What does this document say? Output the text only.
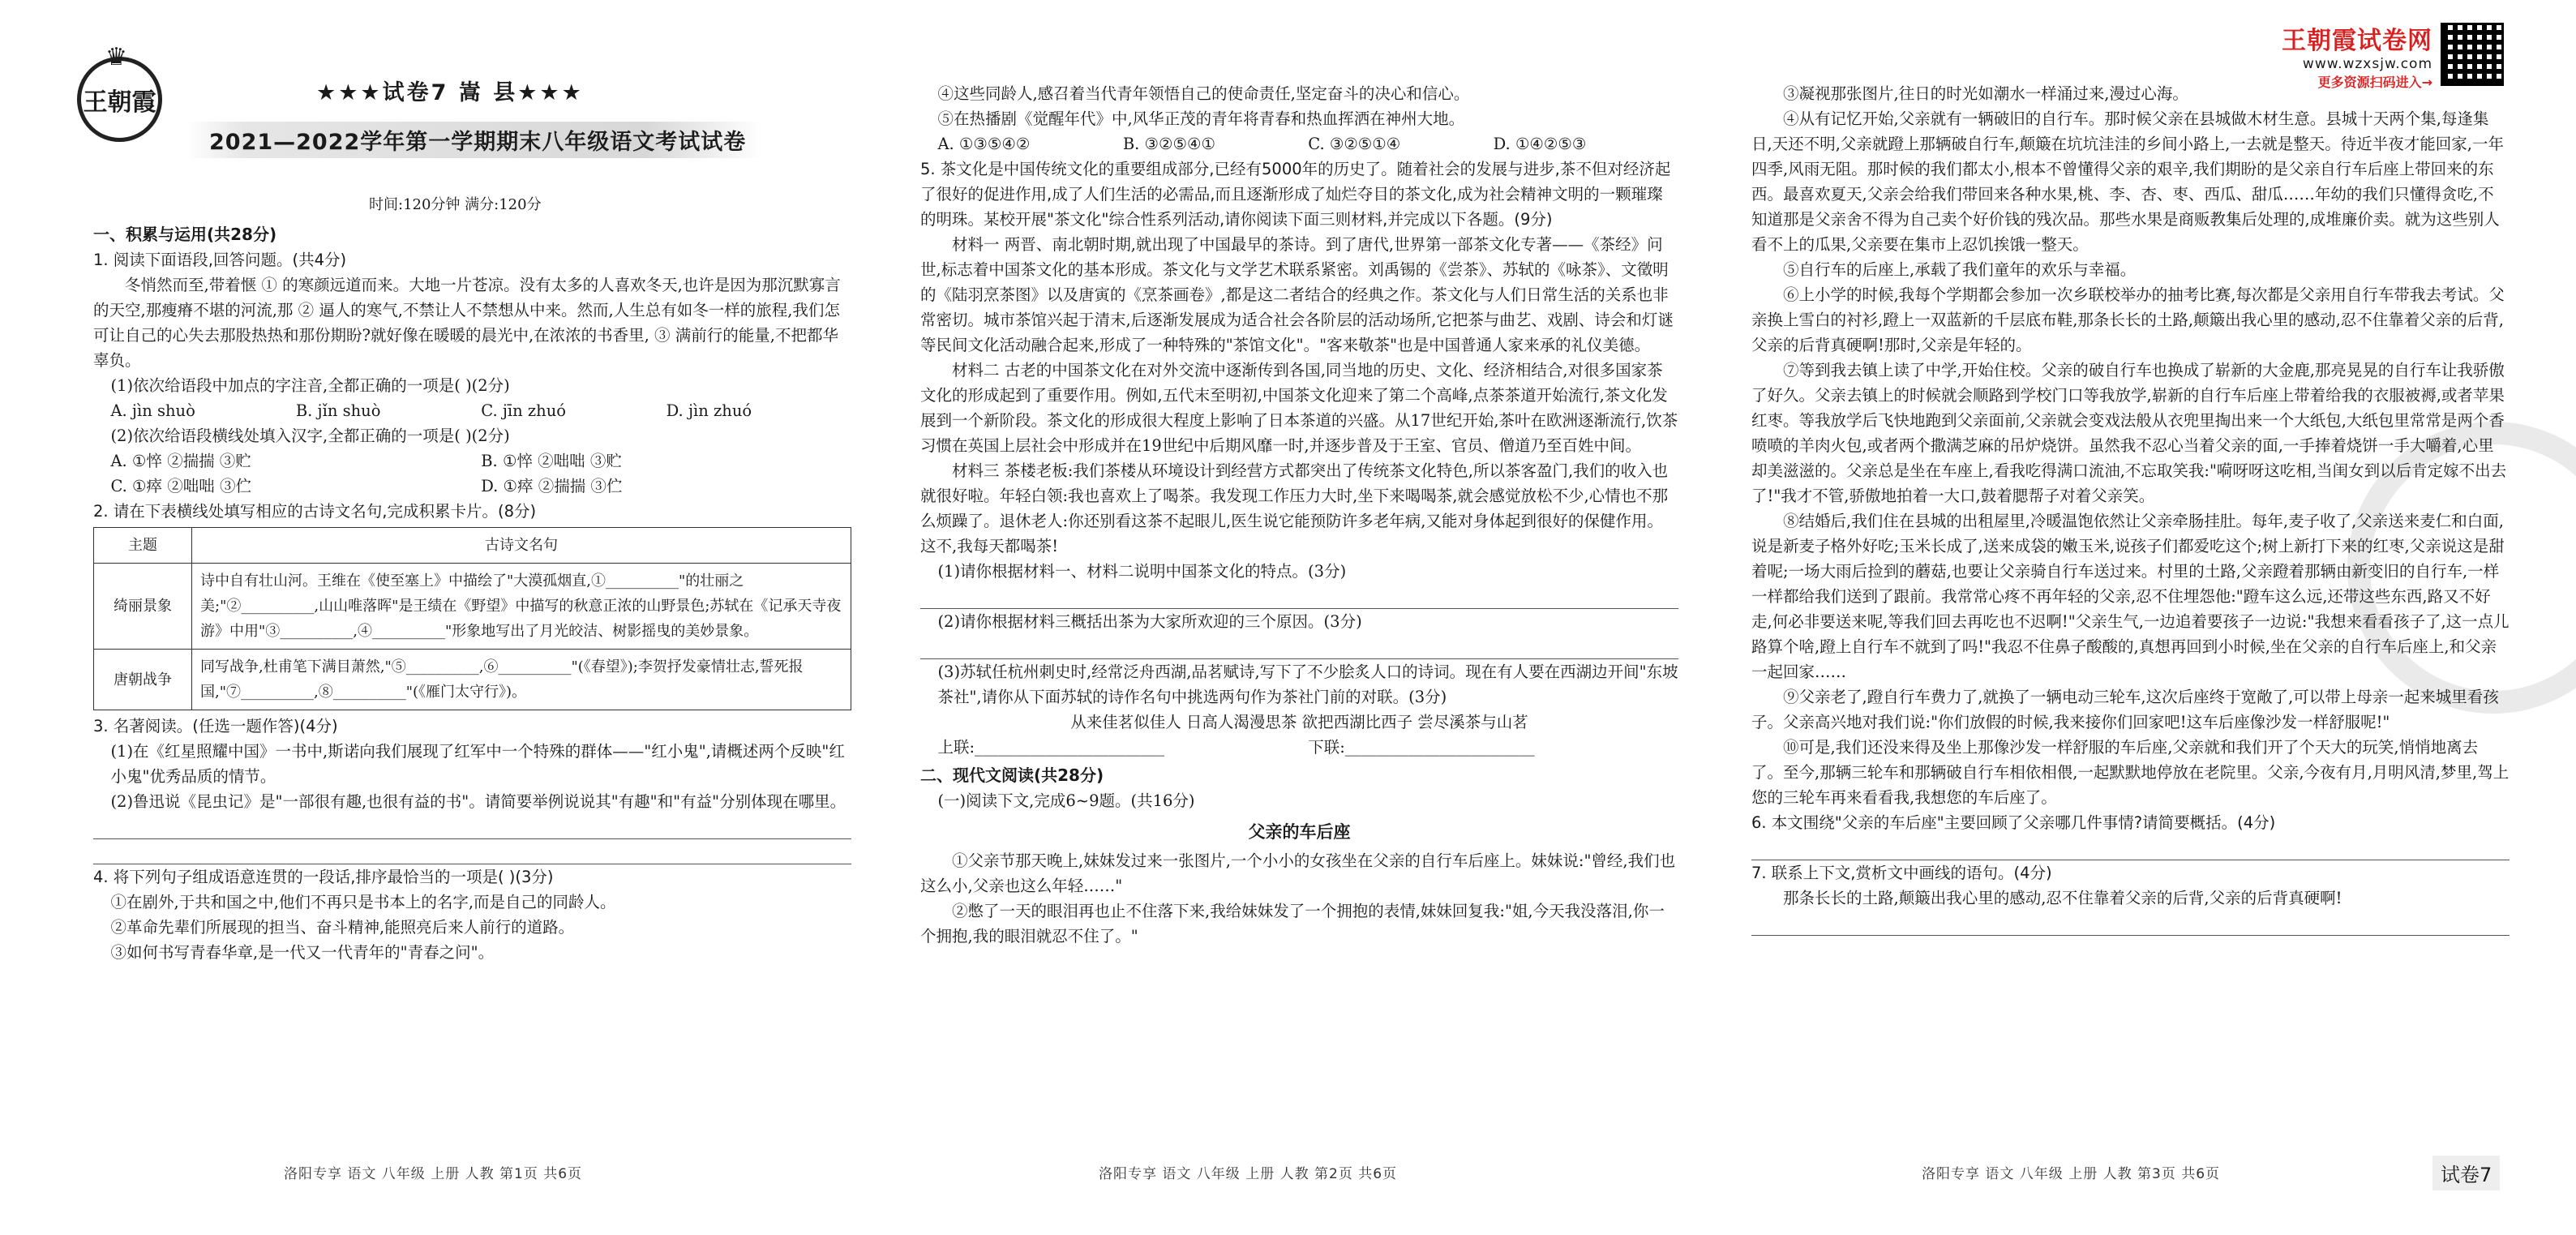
♛
王朝霞	★★★试卷7 嵩 县★★★
2021—2022学年第一学期期末八年级语文考试试卷
时间:120分钟 满分:120分
王朝霞试卷网
www.wzxsjw.com
更多资源扫码进入→

一、积累与运用(共28分)

1. 阅读下面语段,回答问题。(共4分)

冬悄然而至,带着惬 ① 的寒颜远道而来。大地一片苍凉。没有太多的人喜欢冬天,也许是因为那沉默寡言的天空,那瘦瘠不堪的河流,那 ② 逼人的寒气,不禁让人不禁想从中来。然而,人生总有如冬一样的旅程,我们怎可让自己的心失去那股热热和那份期盼?就好像在暖暖的晨光中,在浓浓的书香里, ③ 满前行的能量,不把都华辜负。

(1)依次给语段中加点的字注音,全都正确的一项是( )(2分)

A. jìn shuò	B. jǐn shuò	C. jīn zhuó	D. jìn zhuó

(2)依次给语段横线处填入汉字,全都正确的一项是( )(2分)

A. ①悴 ②揣揣 ③贮	B. ①悴 ②咄咄 ③贮
C. ①瘁 ②咄咄 ③伫	D. ①瘁 ②揣揣 ③伫

2. 请在下表横线处填写相应的古诗文名句,完成积累卡片。(8分)

主题	古诗文名句
绮丽景象	诗中自有壮山河。王维在《使至塞上》中描绘了"大漠孤烟直,①__________"的壮丽之美;"②__________,山山唯落晖"是王绩在《野望》中描写的秋意正浓的山野景色;苏轼在《记承天寺夜游》中用"③__________,④__________"形象地写出了月光皎洁、树影摇曳的美妙景象。
唐朝战争	同写战争,杜甫笔下满目萧然,"⑤__________,⑥__________"(《春望》);李贺抒发豪情壮志,誓死报国,"⑦__________,⑧__________"(《雁门太守行》)。

3. 名著阅读。(任选一题作答)(4分)

(1)在《红星照耀中国》一书中,斯诺向我们展现了红军中一个特殊的群体——"红小鬼",请概述两个反映"红小鬼"优秀品质的情节。

(2)鲁迅说《昆虫记》是"一部很有趣,也很有益的书"。请简要举例说说其"有趣"和"有益"分别体现在哪里。

4. 将下列句子组成语意连贯的一段话,排序最恰当的一项是( )(3分)

①在剧外,于共和国之中,他们不再只是书本上的名字,而是自己的同龄人。

②革命先辈们所展现的担当、奋斗精神,能照亮后来人前行的道路。

③如何书写青春华章,是一代又一代青年的"青春之问"。

④这些同龄人,感召着当代青年领悟自己的使命责任,坚定奋斗的决心和信心。

⑤在热播剧《觉醒年代》中,风华正茂的青年将青春和热血挥洒在神州大地。

A. ①③⑤④②	B. ③②⑤④①	C. ③②⑤①④	D. ①④②⑤③

5. 茶文化是中国传统文化的重要组成部分,已经有5000年的历史了。随着社会的发展与进步,茶不但对经济起了很好的促进作用,成了人们生活的必需品,而且逐渐形成了灿烂夺目的茶文化,成为社会精神文明的一颗璀璨的明珠。某校开展"茶文化"综合性系列活动,请你阅读下面三则材料,并完成以下各题。(9分)

材料一 两晋、南北朝时期,就出现了中国最早的茶诗。到了唐代,世界第一部茶文化专著——《茶经》问世,标志着中国茶文化的基本形成。茶文化与文学艺术联系紧密。刘禹锡的《尝茶》、苏轼的《咏茶》、文徵明的《陆羽烹茶图》以及唐寅的《烹茶画卷》,都是这二者结合的经典之作。茶文化与人们日常生活的关系也非常密切。城市茶馆兴起于清末,后逐渐发展成为适合社会各阶层的活动场所,它把茶与曲艺、戏剧、诗会和灯谜等民间文化活动融合起来,形成了一种特殊的"茶馆文化"。"客来敬茶"也是中国普通人家来承的礼仪美德。

材料二 古老的中国茶文化在对外交流中逐渐传到各国,同当地的历史、文化、经济相结合,对很多国家茶文化的形成起到了重要作用。例如,五代末至明初,中国茶文化迎来了第二个高峰,点茶茶道开始流行,茶文化发展到一个新阶段。茶文化的形成很大程度上影响了日本茶道的兴盛。从17世纪开始,茶叶在欧洲逐渐流行,饮茶习惯在英国上层社会中形成并在19世纪中后期风靡一时,并逐步普及于王室、官员、僧道乃至百姓中间。

材料三 茶楼老板:我们茶楼从环境设计到经营方式都突出了传统茶文化特色,所以茶客盈门,我们的收入也就很好啦。年轻白领:我也喜欢上了喝茶。我发现工作压力大时,坐下来喝喝茶,就会感觉放松不少,心情也不那么烦躁了。退休老人:你还别看这茶不起眼儿,医生说它能预防许多老年病,又能对身体起到很好的保健作用。这不,我每天都喝茶!

(1)请你根据材料一、材料二说明中国茶文化的特点。(3分)

(2)请你根据材料三概括出茶为大家所欢迎的三个原因。(3分)

(3)苏轼任杭州刺史时,经常泛舟西湖,品茗赋诗,写下了不少脍炙人口的诗词。现在有人要在西湖边开间"东坡茶社",请你从下面苏轼的诗作名句中挑选两句作为茶社门前的对联。(3分)

从来佳茗似佳人 日高人渴漫思茶 欲把西湖比西子 尝尽溪茶与山茗

上联:________________________	下联:________________________

二、现代文阅读(共28分)

(一)阅读下文,完成6~9题。(共16分)

父亲的车后座

①父亲节那天晚上,妹妹发过来一张图片,一个小小的女孩坐在父亲的自行车后座上。妹妹说:"曾经,我们也这么小,父亲也这么年轻……"

②憋了一天的眼泪再也止不住落下来,我给妹妹发了一个拥抱的表情,妹妹回复我:"姐,今天我没落泪,你一个拥抱,我的眼泪就忍不住了。"

③凝视那张图片,往日的时光如潮水一样涌过来,漫过心海。

④从有记忆开始,父亲就有一辆破旧的自行车。那时候父亲在县城做木材生意。县城十天两个集,每逢集日,天还不明,父亲就蹬上那辆破自行车,颠簸在坑坑洼洼的乡间小路上,一去就是整天。待近半夜才能回家,一年四季,风雨无阻。那时候的我们都太小,根本不曾懂得父亲的艰辛,我们期盼的是父亲自行车后座上带回来的东西。最喜欢夏天,父亲会给我们带回来各种水果,桃、李、杏、枣、西瓜、甜瓜……年幼的我们只懂得贪吃,不知道那是父亲舍不得为自己卖个好价钱的残次品。那些水果是商贩教集后处理的,成堆廉价卖。就为这些别人看不上的瓜果,父亲要在集市上忍饥挨饿一整天。

⑤自行车的后座上,承载了我们童年的欢乐与幸福。

⑥上小学的时候,我每个学期都会参加一次乡联校举办的抽考比赛,每次都是父亲用自行车带我去考试。父亲换上雪白的衬衫,蹬上一双蓝新的千层底布鞋,那条长长的土路,颠簸出我心里的感动,忍不住靠着父亲的后背,父亲的后背真硬啊!那时,父亲是年轻的。

⑦等到我去镇上读了中学,开始住校。父亲的破自行车也换成了崭新的大金鹿,那亮晃晃的自行车让我骄傲了好久。父亲去镇上的时候就会顺路到学校门口等我放学,崭新的自行车后座上带着给我的衣服被褥,或者苹果红枣。等我放学后飞快地跑到父亲面前,父亲就会变戏法般从衣兜里掏出来一个大纸包,大纸包里常常是两个香喷喷的羊肉火包,或者两个撒满芝麻的吊炉烧饼。虽然我不忍心当着父亲的面,一手捧着烧饼一手大嚼着,心里却美滋滋的。父亲总是坐在车座上,看我吃得满口流油,不忘取笑我:"嗬呀呀这吃相,当闺女到以后肯定嫁不出去了!"我才不管,骄傲地拍着一大口,鼓着腮帮子对着父亲笑。

⑧结婚后,我们住在县城的出租屋里,冷暖温饱依然让父亲牵肠挂肚。每年,麦子收了,父亲送来麦仁和白面,说是新麦子格外好吃;玉米长成了,送来成袋的嫩玉米,说孩子们都爱吃这个;树上新打下来的红枣,父亲说这是甜着呢;一场大雨后捡到的蘑菇,也要让父亲骑自行车送过来。村里的土路,父亲蹬着那辆由新变旧的自行车,一样一样都给我们送到了跟前。我常常心疼不再年轻的父亲,忍不住埋怨他:"蹬车这么远,还带这些东西,路又不好走,何必非要送来呢,等我们回去再吃也不迟啊!"父亲生气,一边追着要孩子一边说:"我想来看看孩子了,这一点儿路算个啥,蹬上自行车不就到了吗!"我忍不住鼻子酸酸的,真想再回到小时候,坐在父亲的自行车后座上,和父亲一起回家……

⑨父亲老了,蹬自行车费力了,就换了一辆电动三轮车,这次后座终于宽敞了,可以带上母亲一起来城里看孩子。父亲高兴地对我们说:"你们放假的时候,我来接你们回家吧!这车后座像沙发一样舒服呢!"

⑩可是,我们还没来得及坐上那像沙发一样舒服的车后座,父亲就和我们开了个天大的玩笑,悄悄地离去了。至今,那辆三轮车和那辆破自行车相依相偎,一起默默地停放在老院里。父亲,今夜有月,月明风清,梦里,驾上您的三轮车再来看看我,我想您的车后座了。

6. 本文围绕"父亲的车后座"主要回顾了父亲哪几件事情?请简要概括。(4分)

7. 联系上下文,赏析文中画线的语句。(4分)

那条长长的土路,颠簸出我心里的感动,忍不住靠着父亲的后背,父亲的后背真硬啊!

洛阳专享 语文 八年级 上册 人教 第1页 共6页	洛阳专享 语文 八年级 上册 人教 第2页 共6页	洛阳专享 语文 八年级 上册 人教 第3页 共6页	试卷7
